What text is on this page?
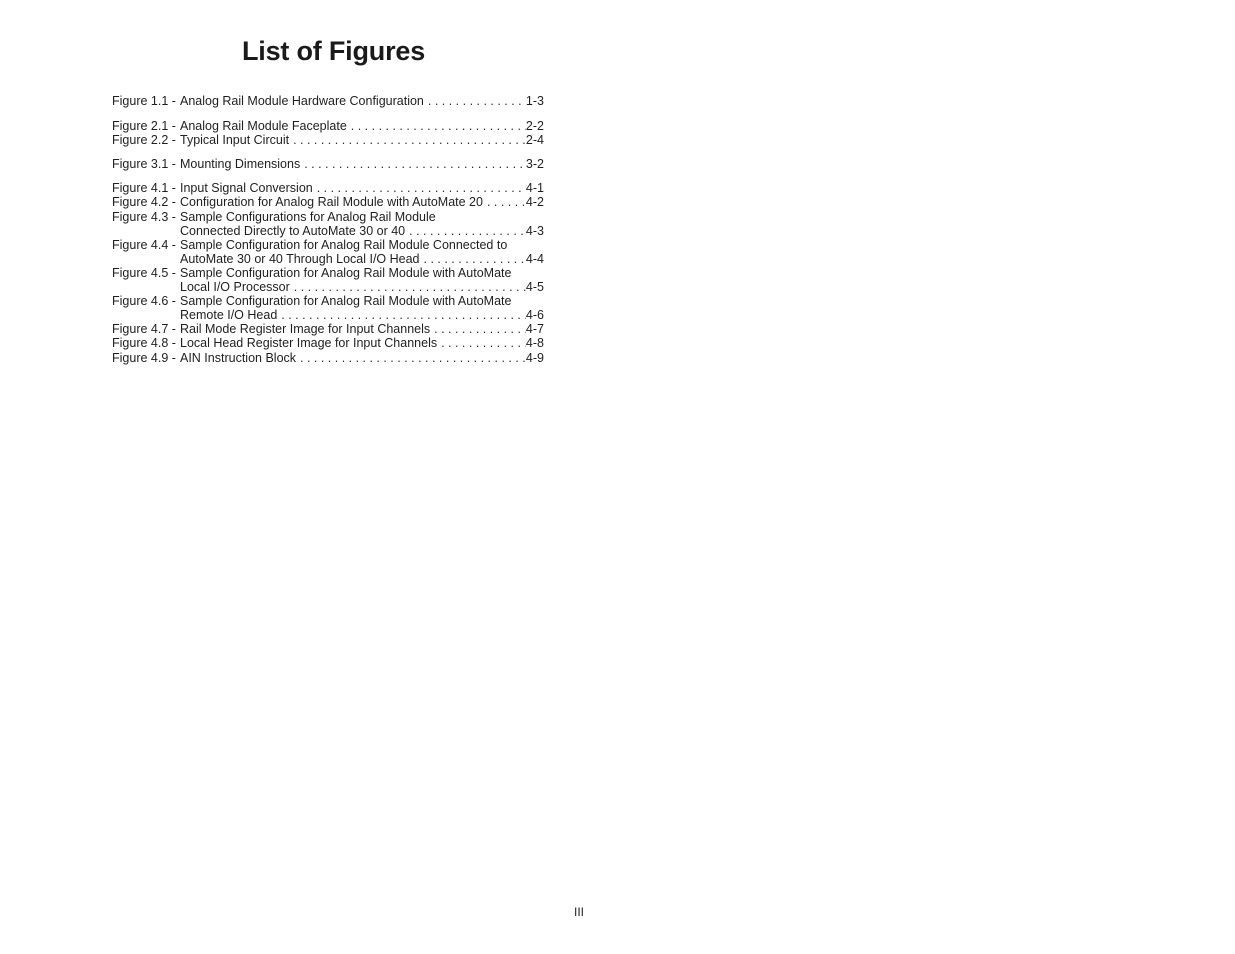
List of Figures
Figure 1.1 - Analog Rail Module Hardware Configuration . . .	1-3
Figure 2.1 - Analog Rail Module Faceplate . . .	2-2
Figure 2.2 - Typical Input Circuit . . .	2-4
Figure 3.1 - Mounting Dimensions . . .	3-2
Figure 4.1 - Input Signal Conversion . . .	4-1
Figure 4.2 - Configuration for Analog Rail Module with AutoMate 20 . . .	4-2
Figure 4.3 - Sample Configurations for Analog Rail Module
Connected Directly to AutoMate 30 or 40 . . .	4-3
Figure 4.4 - Sample Configuration for Analog Rail Module Connected to
AutoMate 30 or 40 Through Local I/O Head . . .	4-4
Figure 4.5 - Sample Configuration for Analog Rail Module with AutoMate
Local I/O Processor . . .	4-5
Figure 4.6 - Sample Configuration for Analog Rail Module with AutoMate
Remote I/O Head . . .	4-6
Figure 4.7 - Rail Mode Register Image for Input Channels . . .	4-7
Figure 4.8 - Local Head Register Image for Input Channels . . .	4-8
Figure 4.9 - AIN Instruction Block . . .	4-9
III
